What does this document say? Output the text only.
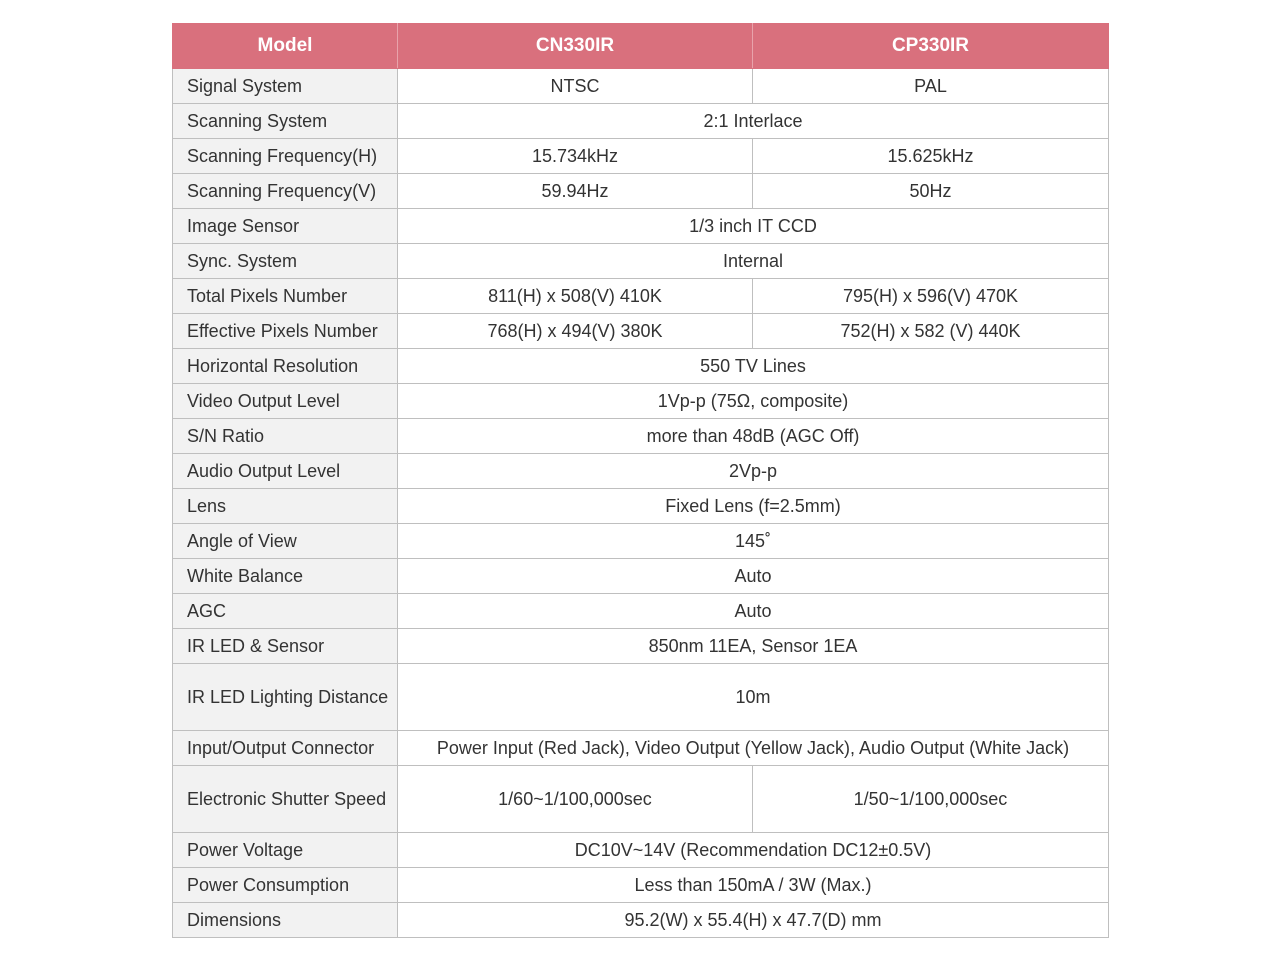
Model	CN330IR	CP330IR
Signal System	NTSC	PAL
Scanning System	2:1 Interlace	
Scanning Frequency(H)	15.734kHz	15.625kHz
Scanning Frequency(V)	59.94Hz	50Hz
Image Sensor	1/3 inch IT CCD	
Sync. System	Internal	
Total Pixels Number	811(H) x 508(V) 410K	795(H) x 596(V) 470K
Effective Pixels Number	768(H) x 494(V) 380K	752(H) x 582 (V) 440K
Horizontal Resolution	550 TV Lines	
Video Output Level	1Vp-p (75Ω, composite)	
S/N Ratio	more than 48dB (AGC Off)	
Audio Output Level	2Vp-p	
Lens	Fixed Lens (f=2.5mm)	
Angle of View	145˚	
White Balance	Auto	
AGC	Auto	
IR LED & Sensor	850nm 11EA, Sensor 1EA	
IR LED Lighting Distance	10m	
Input/Output Connector	Power Input (Red Jack), Video Output (Yellow Jack), Audio Output (White Jack)	
Electronic Shutter Speed	1/60~1/100,000sec	1/50~1/100,000sec
Power Voltage	DC10V~14V (Recommendation DC12±0.5V)	
Power Consumption	Less than 150mA / 3W (Max.)	
Dimensions	95.2(W) x 55.4(H) x 47.7(D) mm	
